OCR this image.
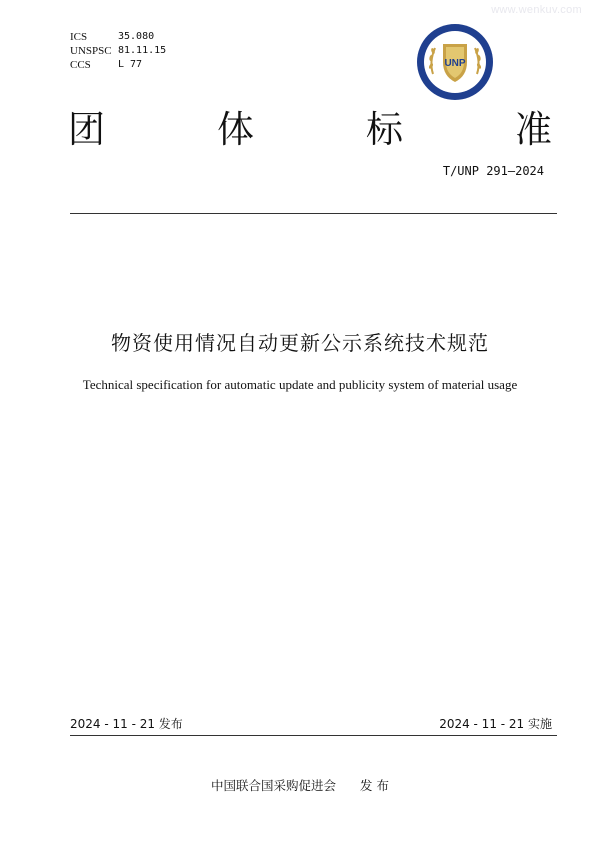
ICS	35.080
UNSPSC 81.11.15
CCS	L 77
www.wenkuv.com
UNP
团	体	标	准
T/UNP 291—2024
物资使用情况自动更新公示系统技术规范
Technical specification for automatic update and publicity system of material usage
2024 - 11 - 21 发布	2024 - 11 - 21 实施
中国联合国采购促进会 发 布
